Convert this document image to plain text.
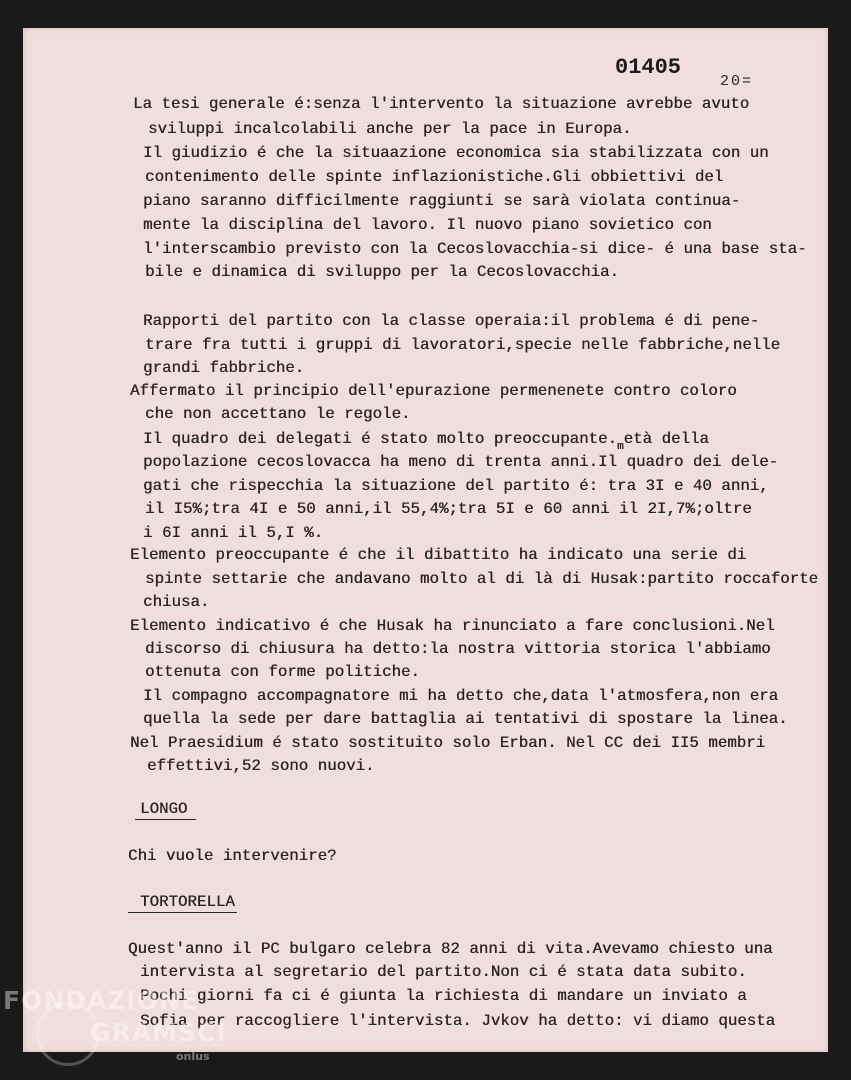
01405
20=
La tesi generale é:senza l'intervento la situazione avrebbe avuto
sviluppi incalcolabili anche per la pace in Europa.
Il giudizio é che la situaazione economica sia stabilizzata con un
contenimento delle spinte inflazionistiche.Gli obbiettivi del
piano saranno difficilmente raggiunti se sarà violata continua-
mente la disciplina del lavoro. Il nuovo piano sovietico con
l'interscambio previsto con la Cecoslovacchia-si dice- é una base sta-
bile e dinamica di sviluppo per la Cecoslovacchia.
Rapporti del partito con la classe operaia:il problema é di pene-
trare fra tutti i gruppi di lavoratori,specie nelle fabbriche,nelle
grandi fabbriche.
Affermato il principio dell'epurazione permenenete contro coloro
che non accettano le regole.
Il quadro dei delegati é stato molto $preoccupante._metà$ della
popolazione cecoslovacca ha meno di trenta anni.Il quadro dei dele-
gati che rispecchia la situazione del partito é: tra 3I e 40 anni,
il I5%;tra 4I e 50 anni,il 55,4%;tra 5I e 60 anni il 2I,7%;oltre
i 6I anni il 5,I %.
Elemento preoccupante é che il dibattito ha indicato una serie di
spinte settarie che andavano molto al di là di Husak:partito roccaforte
chiusa.
Elemento indicativo é che Husak ha rinunciato a fare conclusioni.Nel
discorso di chiusura ha detto:la nostra vittoria storica l'abbiamo
ottenuta con forme politiche.
Il compagno accompagnatore mi ha detto che,data l'atmosfera,non era
quella la sede per dare battaglia ai tentativi di spostare la linea.
Nel Praesidium é stato sostituito solo Erban. Nel CC dei II5 membri
effettivi,52 sono nuovi.
LONGO
Chi vuole intervenire?
TORTORELLA
Quest'anno il PC bulgaro celebra 82 anni di vita.Avevamo chiesto una
intervista al segretario del partito.Non ci é stata data subito.
Pochi giorni fa ci é giunta la richiesta di mandare un inviato a
Sofia per raccogliere l'intervista. Jvkov ha detto: vi diamo questa
FONDAZIONE
GRAMSCI
onlus
